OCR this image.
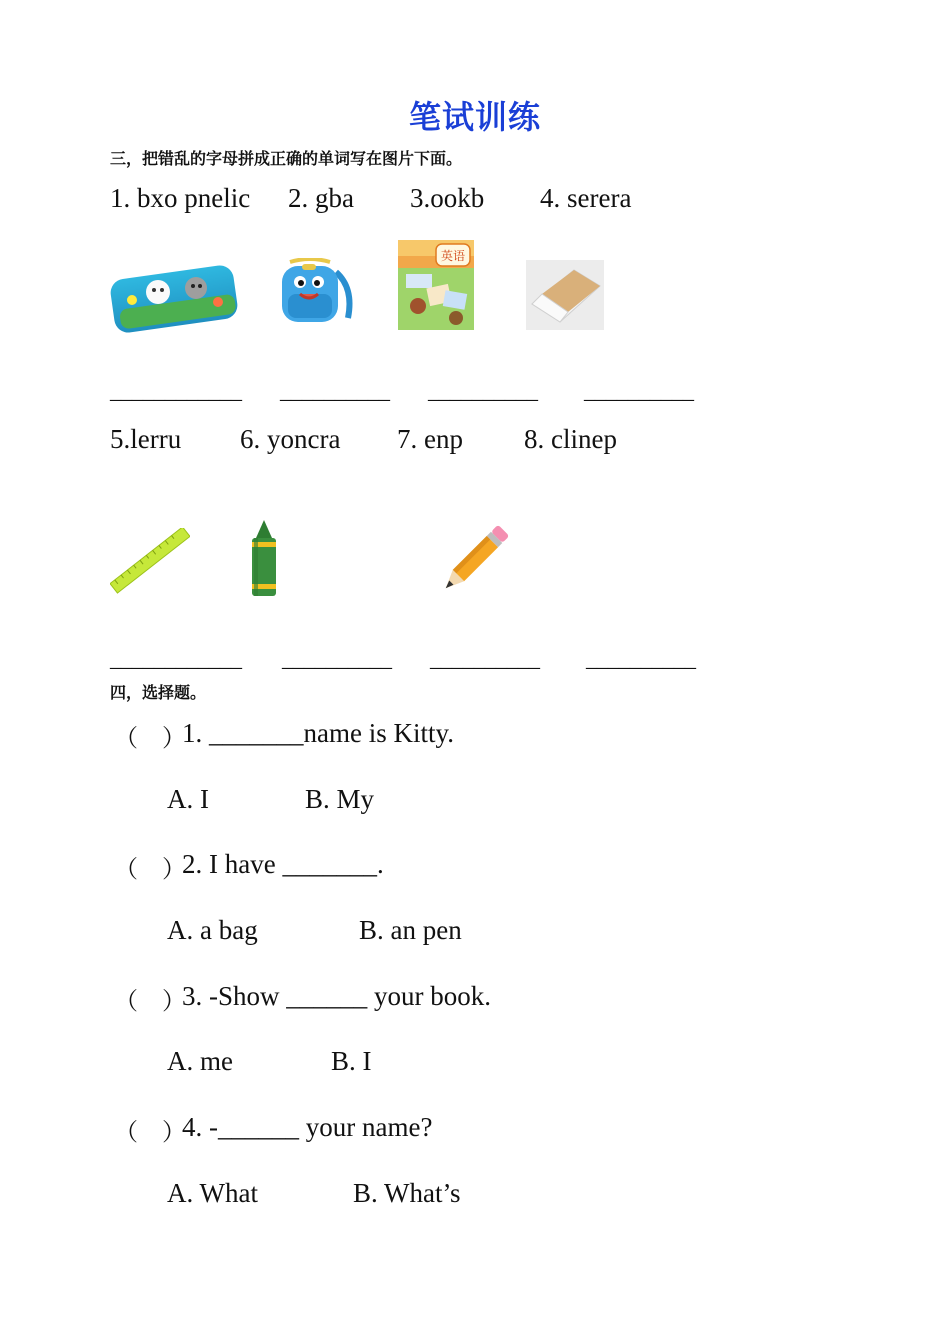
笔试训练
三，把错乱的字母拼成正确的单词写在图片下面。
1. bxo pnelic 2. gba 3.ookb 4. serera
英语
____________ __________ __________ __________
5.lerru 6. yoncra 7. enp 8. clinep
____________ __________ __________ __________
四，选择题。
（　）
1. _______name is Kitty.
A. I	B. My
（　）
2. I have _______.
A. a bag	B. an pen
（　）
3. -Show ______ your book.
A. me	B. I
（　）
4. -______ your name?
A. What	B. What’s
